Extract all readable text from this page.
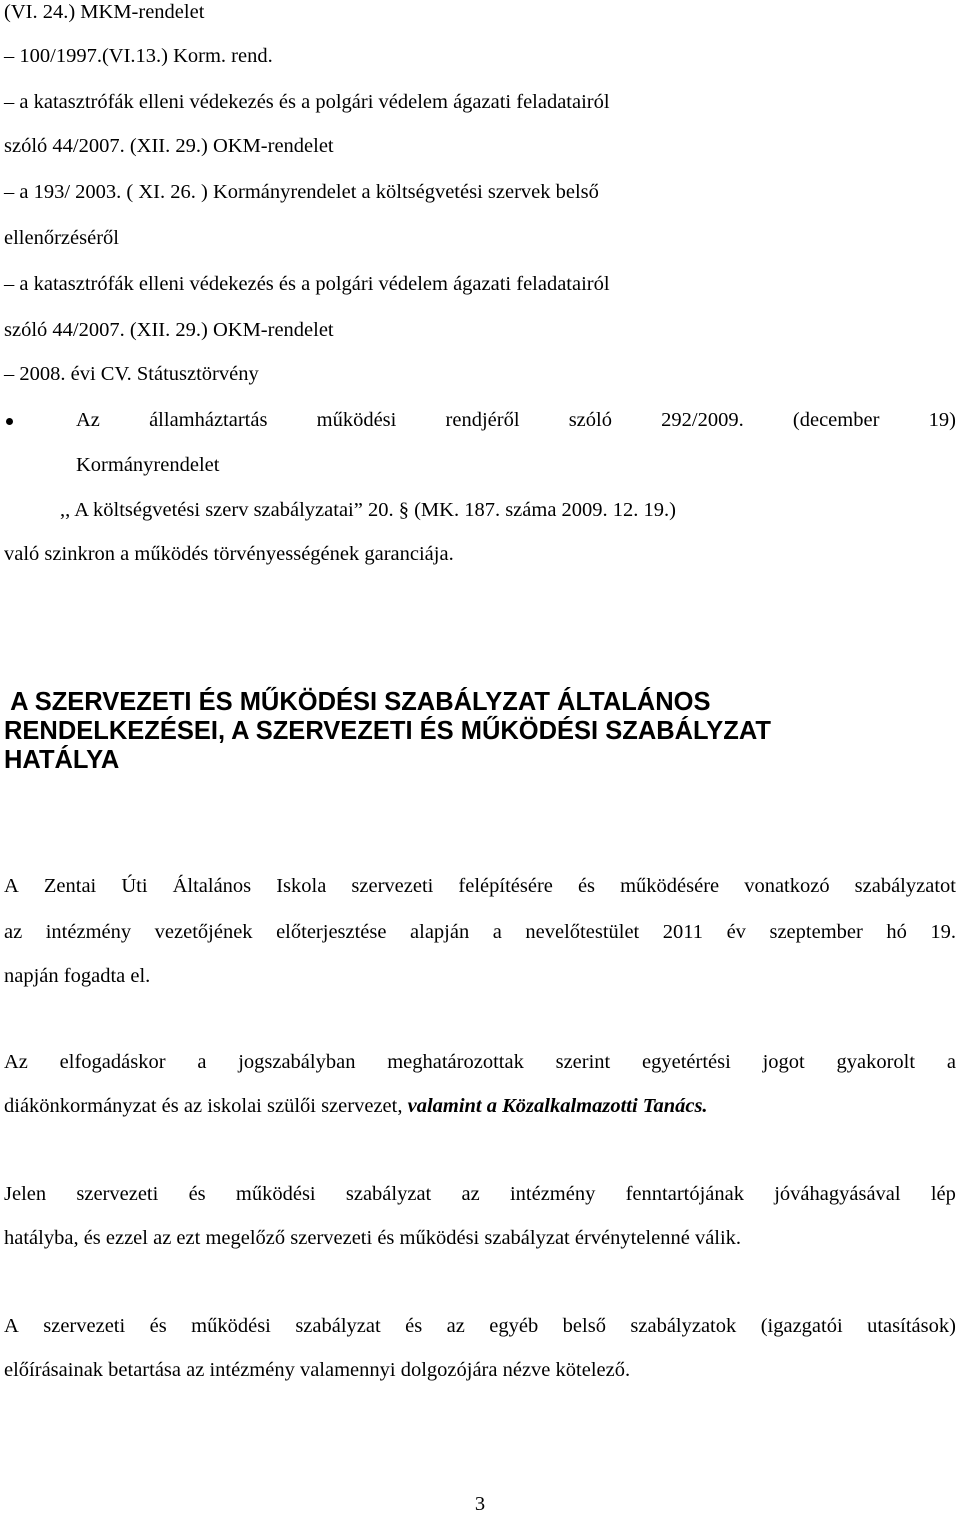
(VI. 24.) MKM-rendelet
– 100/1997.(VI.13.) Korm. rend.
– a katasztrófák elleni védekezés és a polgári védelem ágazati feladatairól
szóló 44/2007. (XII. 29.) OKM-rendelet
– a 193/ 2003. ( XI. 26. ) Kormányrendelet a költségvetési szervek belső
ellenőrzéséről
– a katasztrófák elleni védekezés és a polgári védelem ágazati feladatairól
szóló 44/2007. (XII. 29.) OKM-rendelet
– 2008. évi CV. Státusztörvény
Az államháztartás működési rendjéről szóló 292/2009. (december 19)
Kormányrendelet
,, A költségvetési szerv szabályzatai” 20. § (MK. 187. száma 2009. 12. 19.)
való szinkron a működés törvényességének garanciája.
A SZERVEZETI ÉS MŰKÖDÉSI SZABÁLYZAT ÁLTALÁNOS
RENDELKEZÉSEI, A SZERVEZETI ÉS MŰKÖDÉSI SZABÁLYZAT
HATÁLYA
A Zentai Úti Általános Iskola szervezeti felépítésére és működésére vonatkozó szabályzatot
az intézmény vezetőjének előterjesztése alapján a nevelőtestület 2011 év szeptember hó 19.
napján fogadta el.
Az elfogadáskor a jogszabályban meghatározottak szerint egyetértési jogot gyakorolt a
diákönkormányzat és az iskolai szülői szervezet, valamint a Közalkalmazotti Tanács.
Jelen szervezeti és működési szabályzat az intézmény fenntartójának jóváhagyásával lép
hatályba, és ezzel az ezt megelőző szervezeti és működési szabályzat érvénytelenné válik.
A szervezeti és működési szabályzat és az egyéb belső szabályzatok (igazgatói utasítások)
előírásainak betartása az intézmény valamennyi dolgozójára nézve kötelező.
3
